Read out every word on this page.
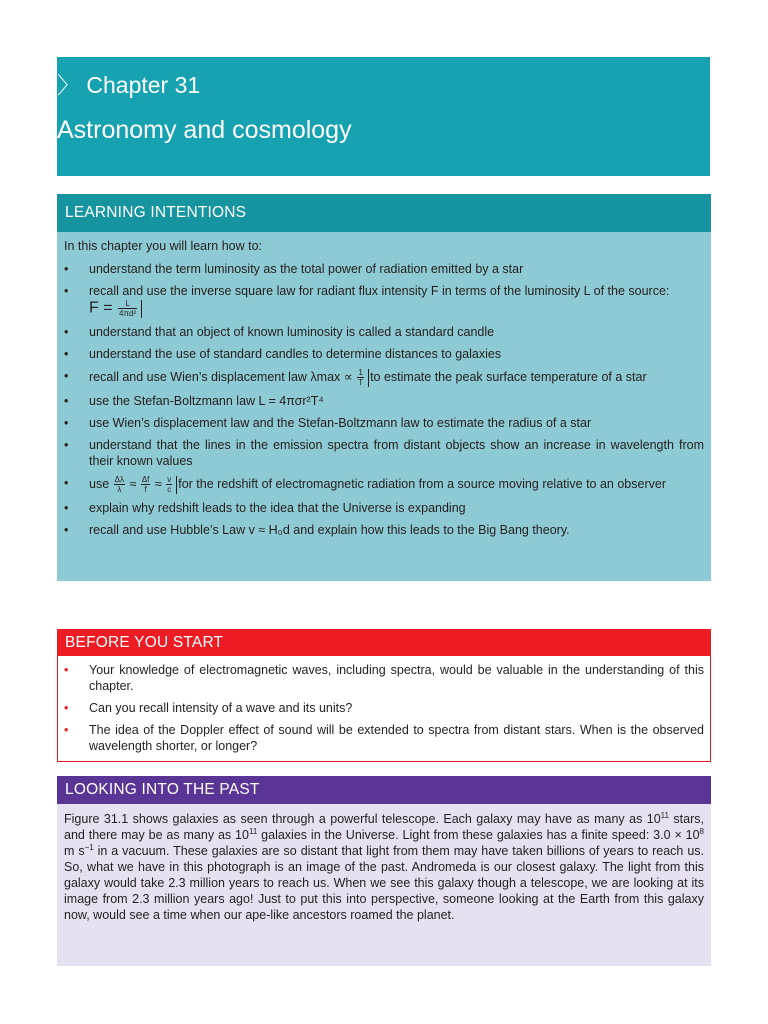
〉 Chapter 31
Astronomy and cosmology
LEARNING INTENTIONS

In this chapter you will learn how to:

• understand the term luminosity as the total power of radiation emitted by a star
• recall and use the inverse square law for radiant flux intensity F in terms of the luminosity L of the source:
$F = \frac{L}{\text{4πd²}}$
• understand that an object of known luminosity is called a standard candle
• understand the use of standard candles to determine distances to galaxies
• recall and use Wien’s displacement law $\lambda\max \propto \frac{1}{T}$ to estimate the peak surface temperature of a star
• use the Stefan-Boltzmann law L = 4πσr²T⁴
• use Wien’s displacement law and the Stefan-Boltzmann law to estimate the radius of a star
• understand that the lines in the emission spectra from distant objects show an increase in wavelength from their known values
• use $\frac{\Delta\lambda}{\lambda} \approx \frac{\Delta f}{f} \approx \frac{v}{c}$ for the redshift of electromagnetic radiation from a source moving relative to an observer
• explain why redshift leads to the idea that the Universe is expanding
• recall and use Hubble’s Law v ≈ H₀d and explain how this leads to the Big Bang theory.
BEFORE YOU START
• Your knowledge of electromagnetic waves, including spectra, would be valuable in the understanding of this chapter.
• Can you recall intensity of a wave and its units?
• The idea of the Doppler effect of sound will be extended to spectra from distant stars. When is the observed wavelength shorter, or longer?
LOOKING INTO THE PAST
Figure 31.1 shows galaxies as seen through a powerful telescope. Each galaxy may have as many as $10^{11}$ stars, and there may be as many as $10^{11}$ galaxies in the Universe. Light from these galaxies has a finite speed: $3.0 \times 10^8$ m $s^{-1}$ in a vacuum. These galaxies are so distant that light from them may have taken billions of years to reach us. So, what we have in this photograph is an image of the past. Andromeda is our closest galaxy. The light from this galaxy would take 2.3 million years to reach us. When we see this galaxy though a telescope, we are looking at its image from 2.3 million years ago! Just to put this into perspective, someone looking at the Earth from this galaxy now, would see a time when our ape-like ancestors roamed the planet.
